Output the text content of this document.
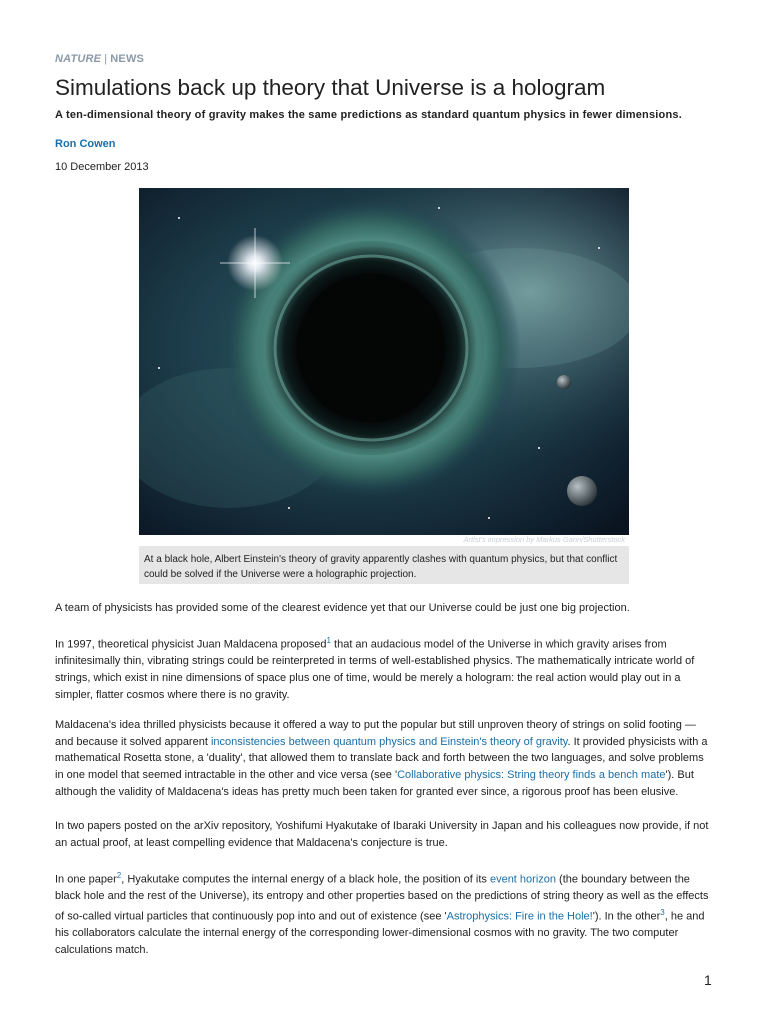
NATURE | NEWS
Simulations back up theory that Universe is a hologram
A ten-dimensional theory of gravity makes the same predictions as standard quantum physics in fewer dimensions.
Ron Cowen
10 December 2013
Artist's impression by Markus Gann/Shutterstock
At a black hole, Albert Einstein's theory of gravity apparently clashes with quantum physics, but that conflict could be solved if the Universe were a holographic projection.

A team of physicists has provided some of the clearest evidence yet that our Universe could be just one big projection.

In 1997, theoretical physicist Juan Maldacena proposed$^1$ that an audacious model of the Universe in which gravity arises from infinitesimally thin, vibrating strings could be reinterpreted in terms of well-established physics. The mathematically intricate world of strings, which exist in nine dimensions of space plus one of time, would be merely a hologram: the real action would play out in a simpler, flatter cosmos where there is no gravity.

Maldacena's idea thrilled physicists because it offered a way to put the popular but still unproven theory of strings on solid footing — and because it solved apparent inconsistencies between quantum physics and Einstein's theory of gravity. It provided physicists with a mathematical Rosetta stone, a 'duality', that allowed them to translate back and forth between the two languages, and solve problems in one model that seemed intractable in the other and vice versa (see 'Collaborative physics: String theory finds a bench mate'). But although the validity of Maldacena's ideas has pretty much been taken for granted ever since, a rigorous proof has been elusive.

In two papers posted on the arXiv repository, Yoshifumi Hyakutake of Ibaraki University in Japan and his colleagues now provide, if not an actual proof, at least compelling evidence that Maldacena's conjecture is true.

In one paper$^2$, Hyakutake computes the internal energy of a black hole, the position of its event horizon (the boundary between the black hole and the rest of the Universe), its entropy and other properties based on the predictions of string theory as well as the effects of so-called virtual particles that continuously pop into and out of existence (see 'Astrophysics: Fire in the Hole!'). In the other$^3$, he and his collaborators calculate the internal energy of the corresponding lower-dimensional cosmos with no gravity. The two computer calculations match.

1
